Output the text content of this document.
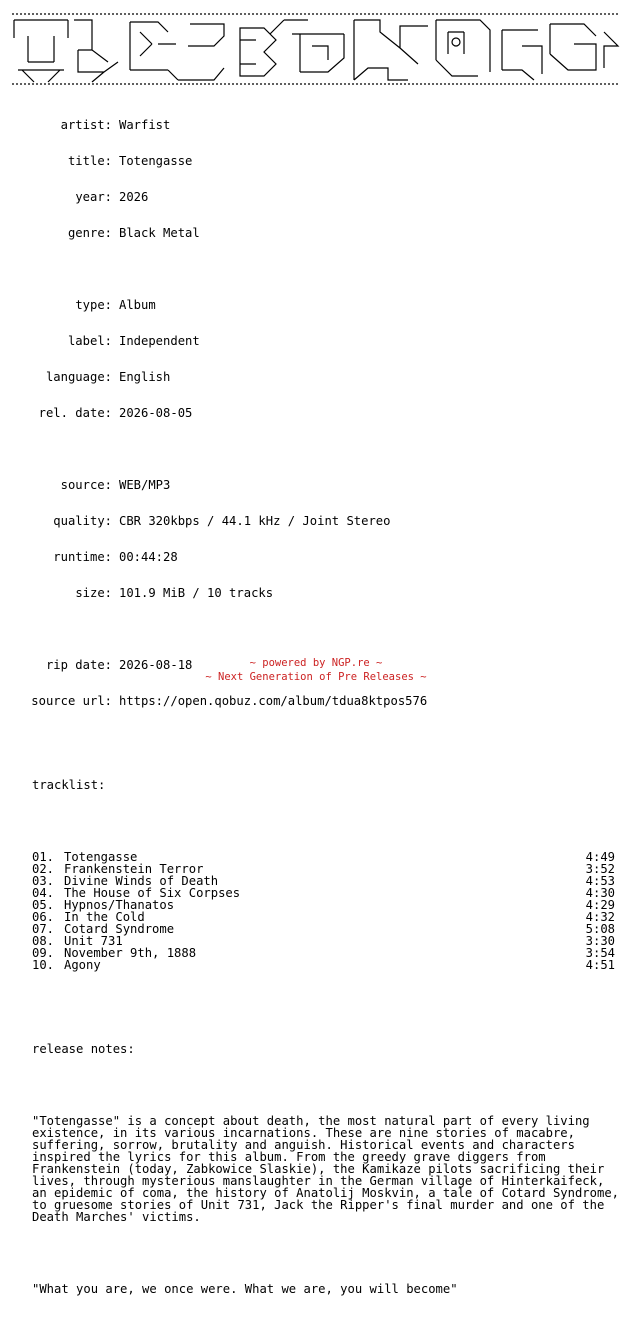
artist: Warfist

title: Totengasse

year: 2026

genre: Black Metal

type: Album

label: Independent

language: English

rel. date: 2026-08-05

source: WEB/MP3

quality: CBR 320kbps / 44.1 kHz / Joint Stereo

runtime: 00:44:28

size: 101.9 MiB / 10 tracks

rip date: 2026-08-18

source url: https://open.qobuz.com/album/tdua8ktpos576

tracklist:

01. Totengasse	4:49
02. Frankenstein Terror	3:52
03. Divine Winds of Death	4:53
04. The House of Six Corpses	4:30
05. Hypnos/Thanatos	4:29
06. In the Cold	4:32
07. Cotard Syndrome	5:08
08. Unit 731	3:30
09. November 9th, 1888	3:54
10. Agony	4:51

release notes:

"Totengasse" is a concept about death, the most natural part of every living existence, in its various incarnations. These are nine stories of macabre, suffering, sorrow, brutality and anguish. Historical events and characters inspired the lyrics for this album. From the greedy grave diggers from Frankenstein (today, Zabkowice Slaskie), the Kamikaze pilots sacrificing their lives, through mysterious manslaughter in the German village of Hinterkaifeck, an epidemic of coma, the history of Anatolij Moskvin, a tale of Cotard Syndrome, to gruesome stories of Unit 731, Jack the Ripper's final murder and one of the Death Marches' victims.

"What you are, we once were. What we are, you will become"

~ powered by NGP.re ~
~ Next Generation of Pre Releases ~
